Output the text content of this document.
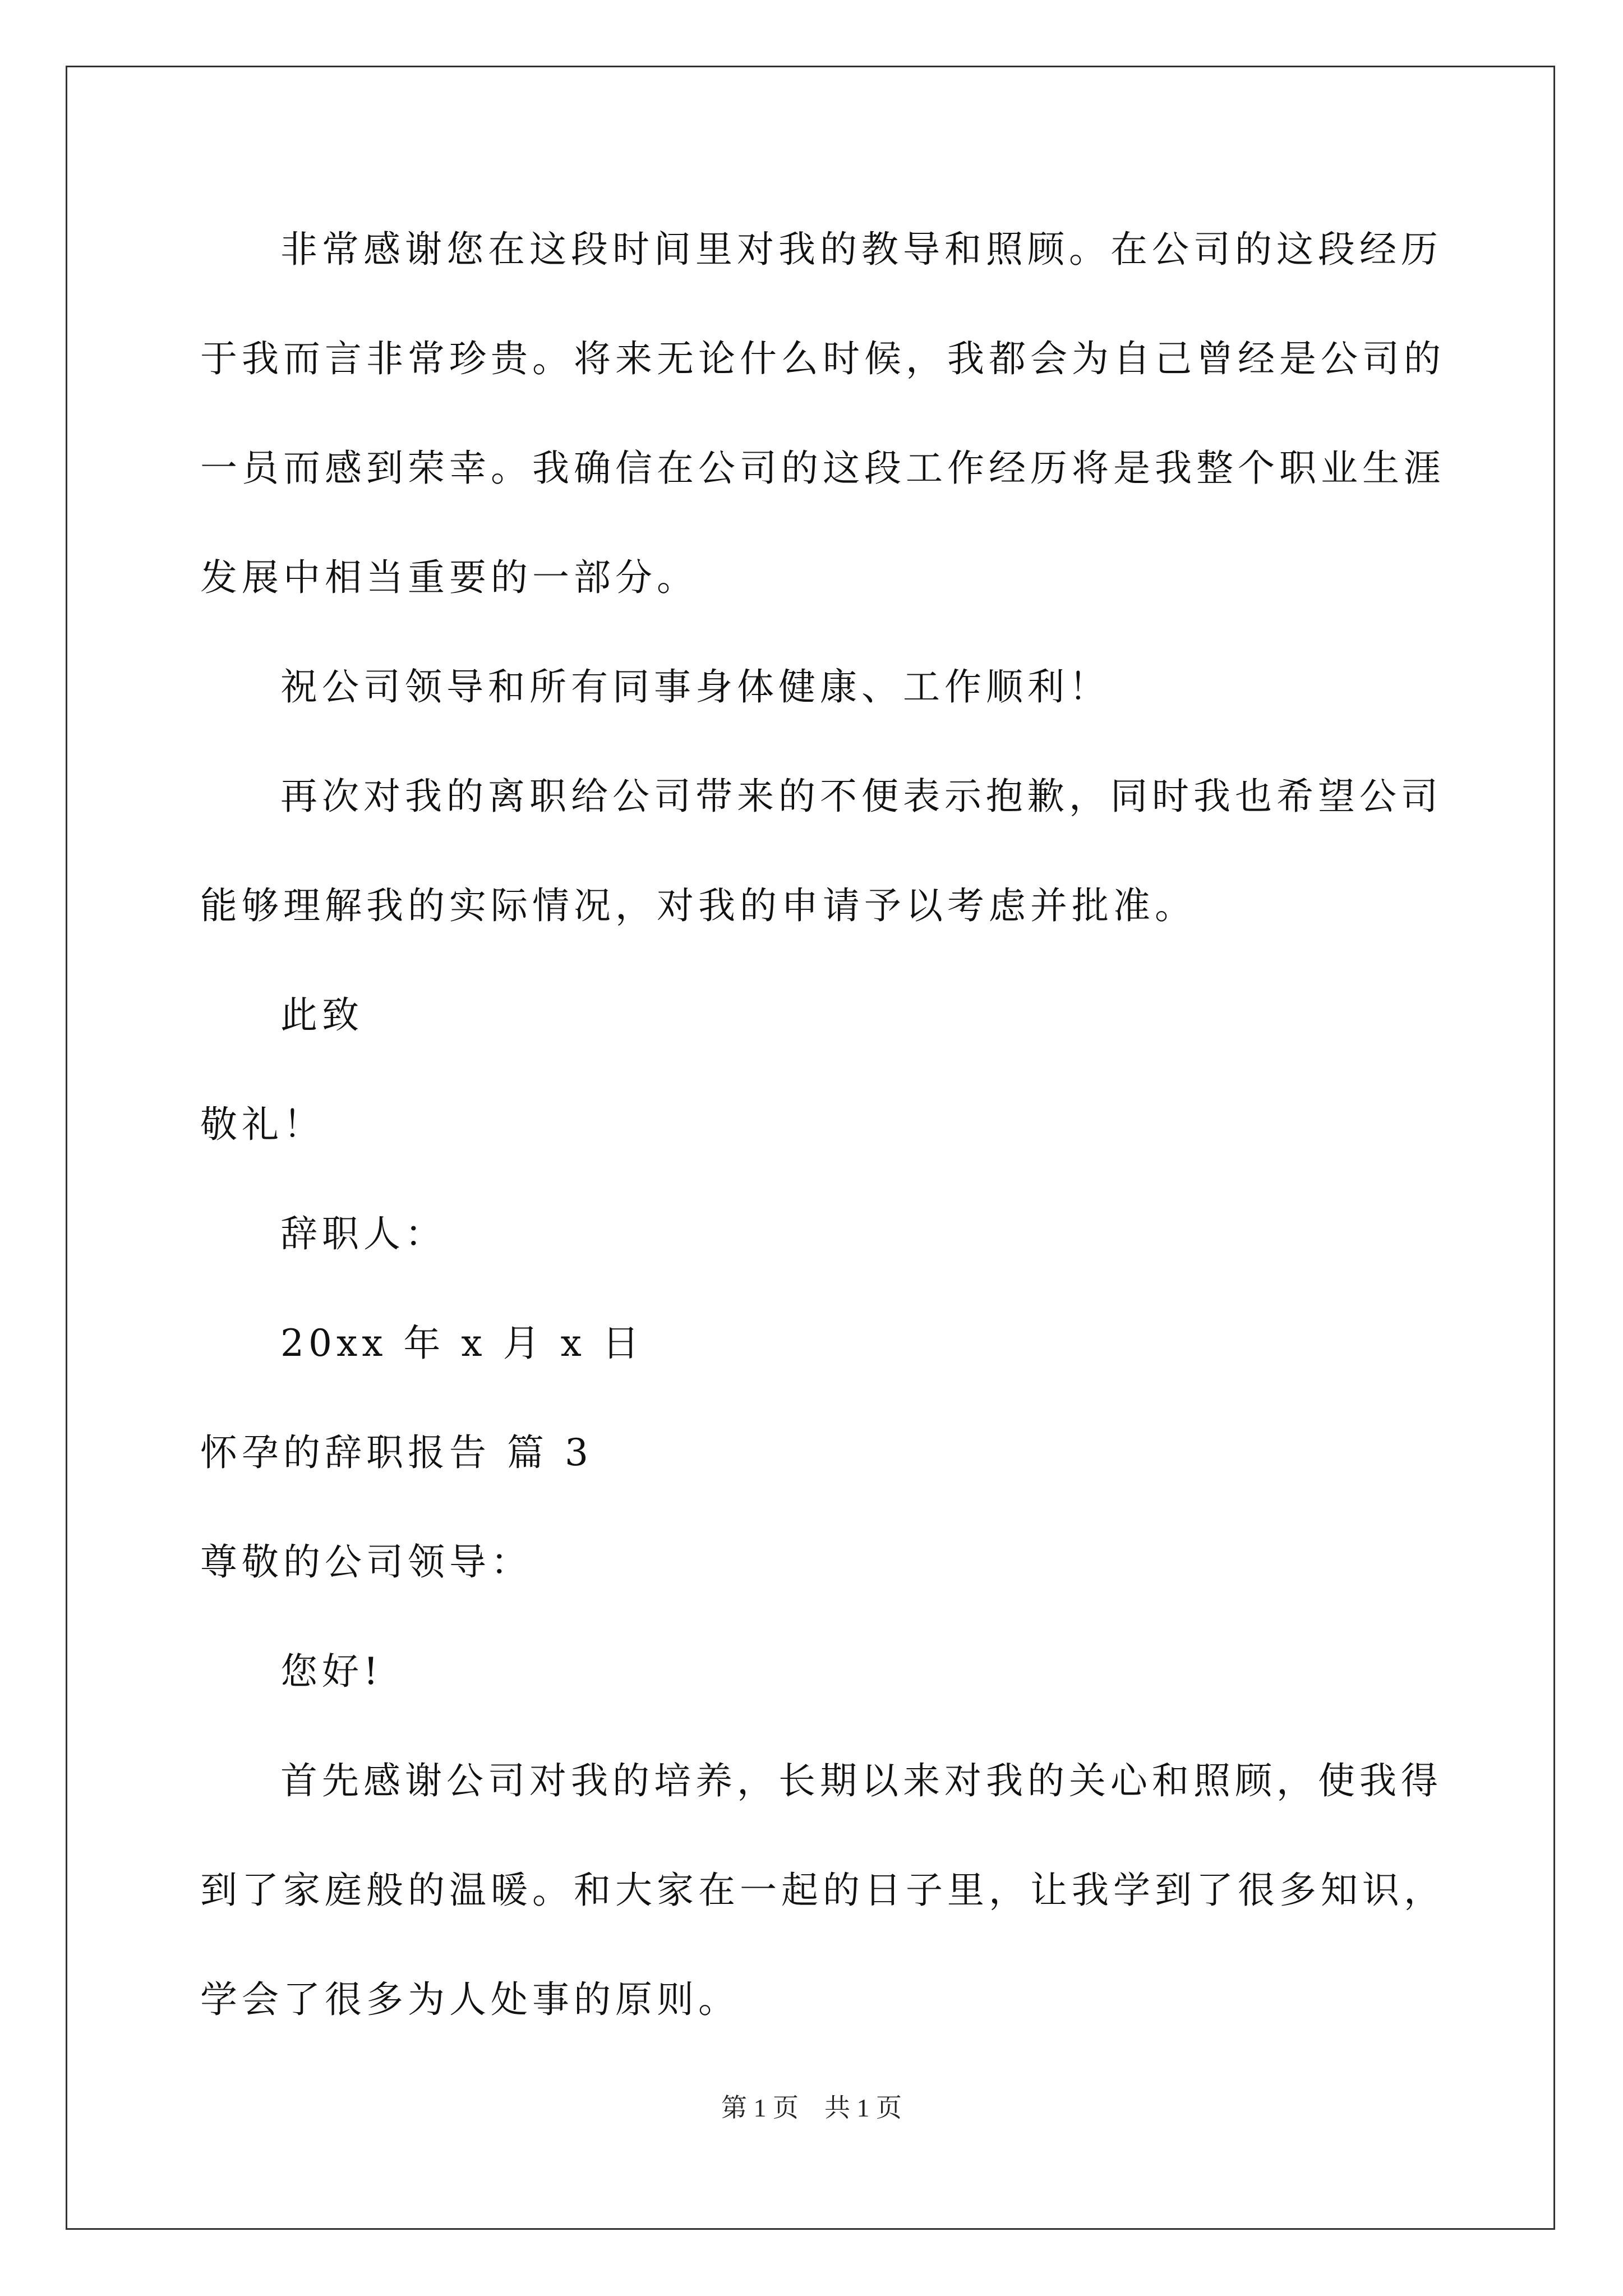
非常感谢您在这段时间里对我的教导和照顾。在公司的这段经历
于我而言非常珍贵。将来无论什么时候，我都会为自己曾经是公司的
一员而感到荣幸。我确信在公司的这段工作经历将是我整个职业生涯
发展中相当重要的一部分。
祝公司领导和所有同事身体健康、工作顺利！
再次对我的离职给公司带来的不便表示抱歉，同时我也希望公司
能够理解我的实际情况，对我的申请予以考虑并批准。
此致
敬礼！
辞职人：
20xx 年 x 月 x 日
怀孕的辞职报告 篇 3
尊敬的公司领导：
您好!
首先感谢公司对我的培养，长期以来对我的关心和照顾，使我得
到了家庭般的温暖。和大家在一起的日子里，让我学到了很多知识，
学会了很多为人处事的原则。
第 1 页　共 1 页
